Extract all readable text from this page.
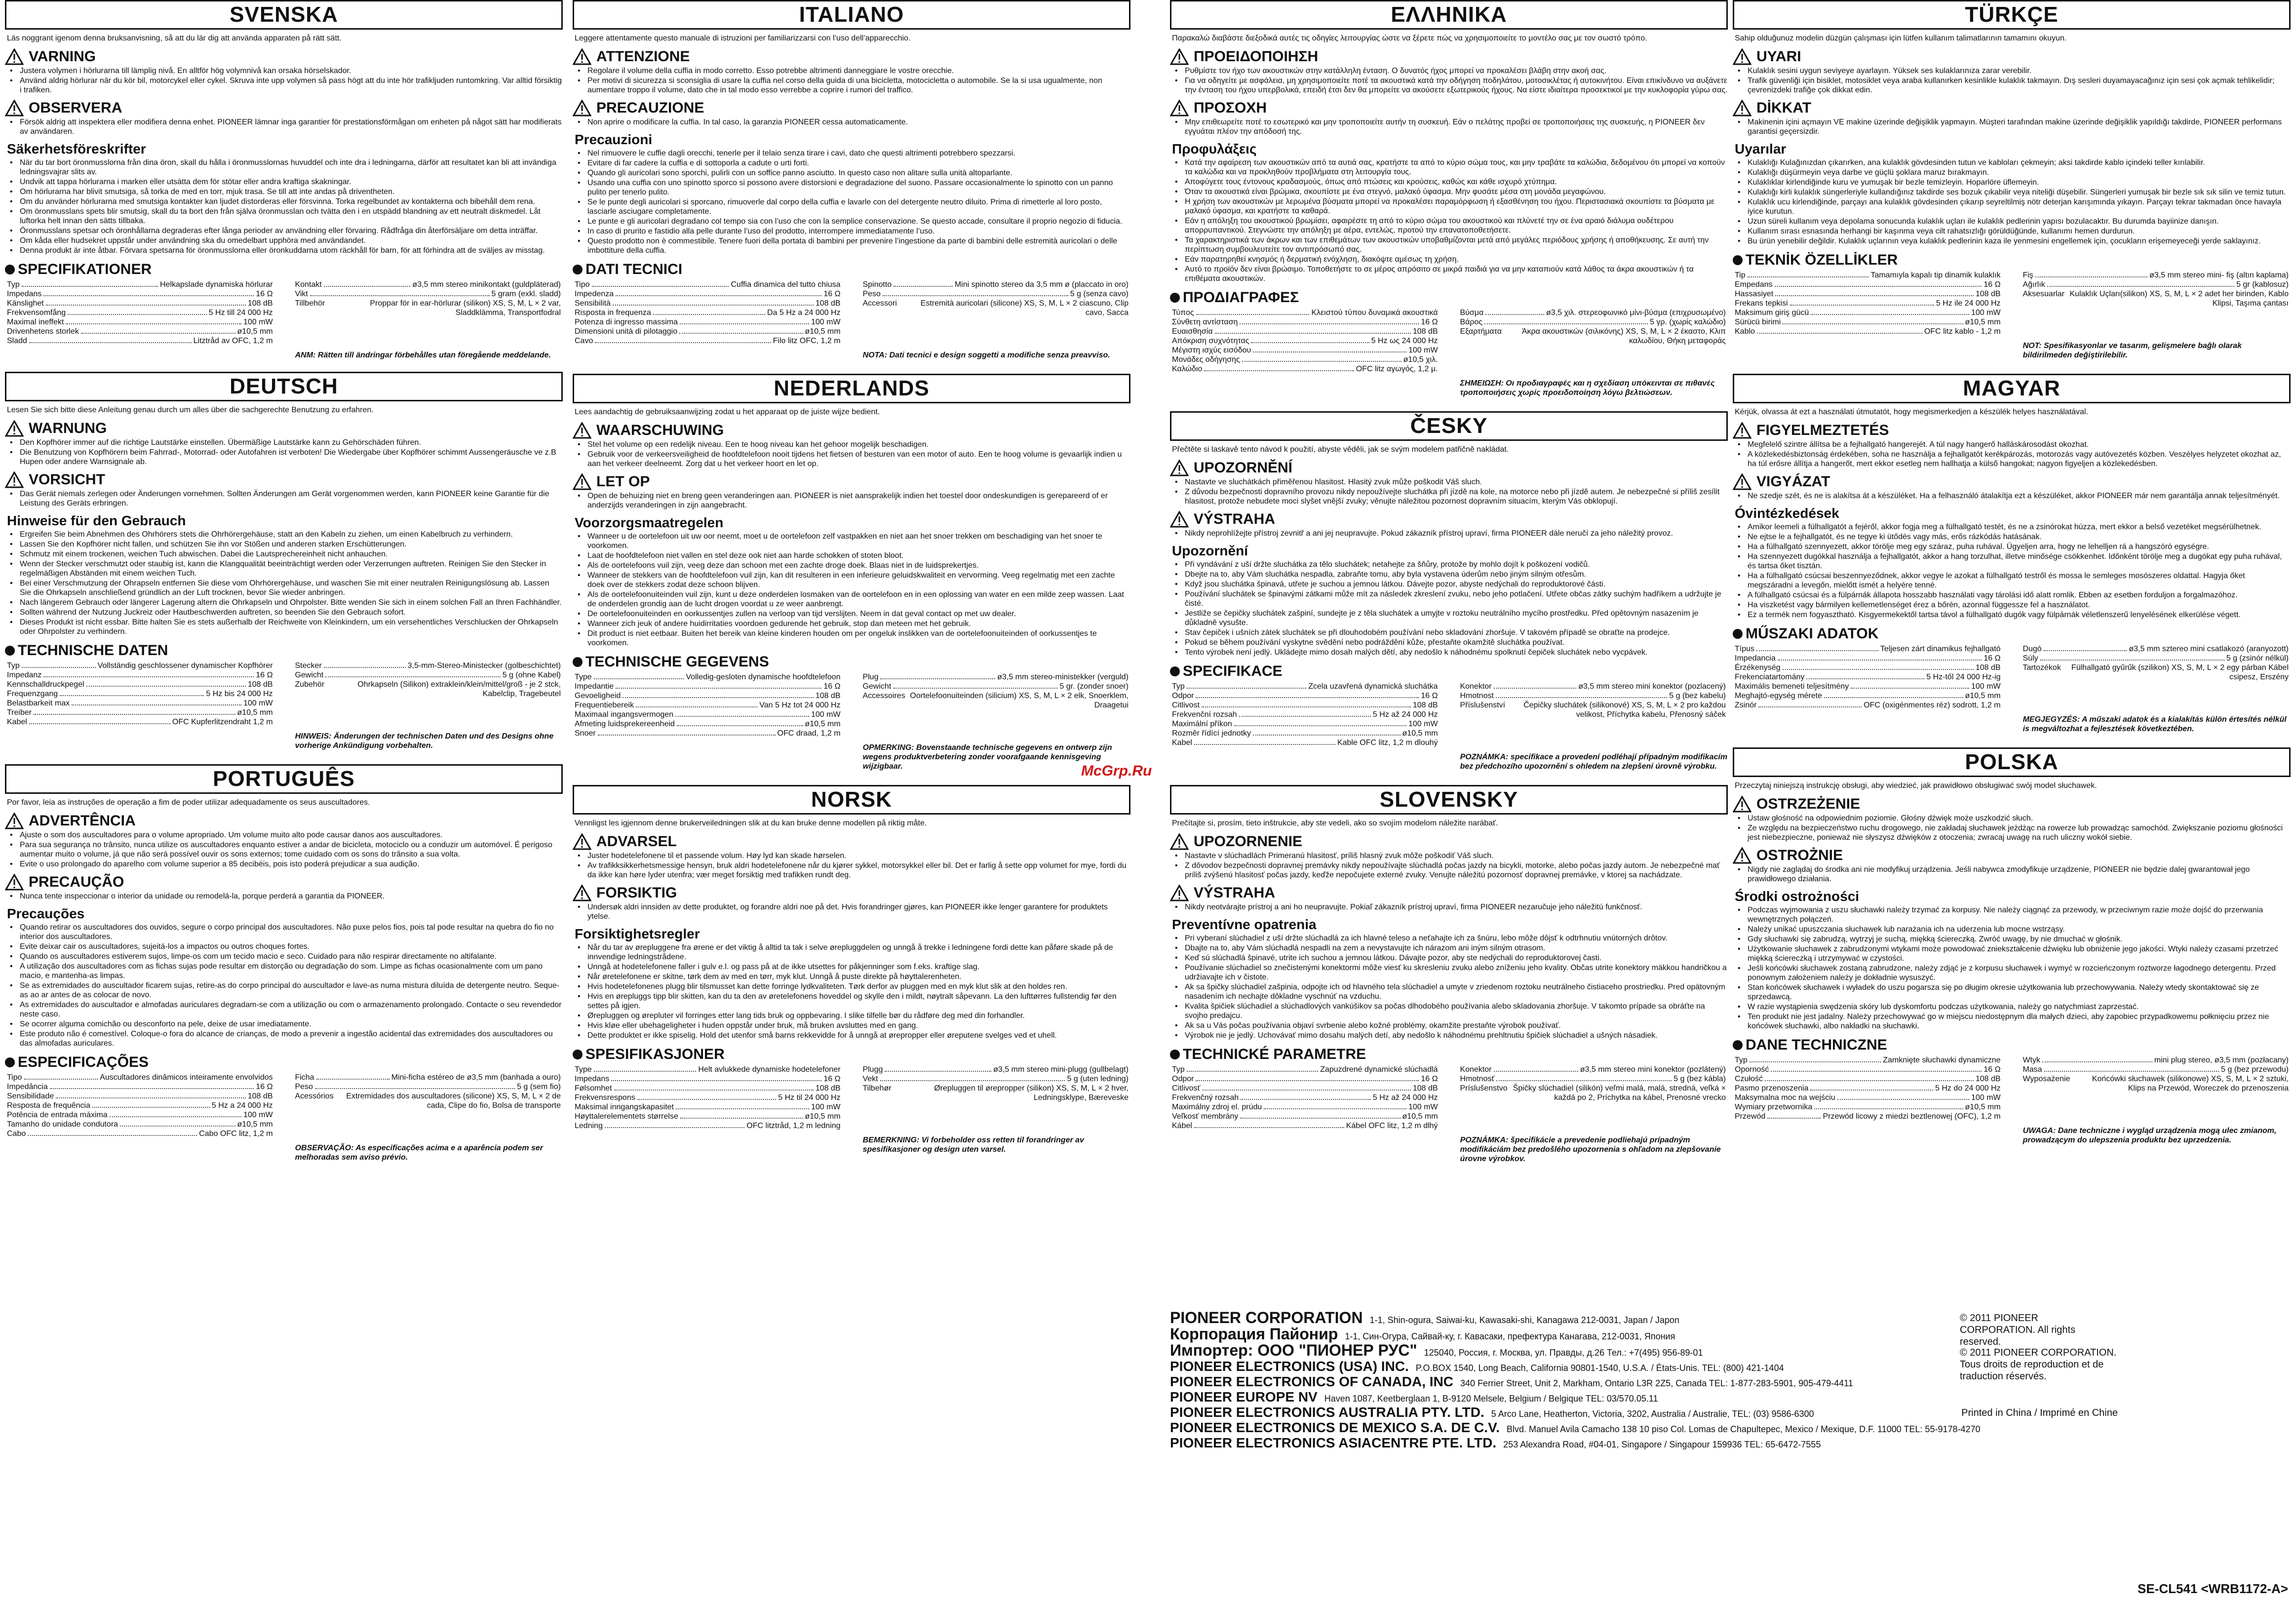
SVENSKA
Läs noggrant igenom denna bruksanvisning, så att du lär dig att använda apparaten på rätt sätt.
VARNING
• Justera volymen i hörlurarna till lämplig nivå. En alltför hög volymnivå kan orsaka hörselskador.
• Använd aldrig hörlurar när du kör bil, motorcykel eller cykel. Skruva inte upp volymen så pass högt att du inte hör trafikljuden runtomkring. Var alltid försiktig i trafiken.
OBSERVERA
• Försök aldrig att inspektera eller modifiera denna enhet. PIONEER lämnar inga garantier för prestationsförmågan om enheten på något sätt har modifierats av användaren.
Säkerhetsföreskrifter
• När du tar bort öronmusslorna från dina öron, skall du hålla i öronmusslornas huvuddel och inte dra i ledningarna, därför att resultatet kan bli att invändiga ledningsvajrar slits av.
• Undvik att tappa hörlurarna i marken eller utsätta dem för stötar eller andra kraftiga skakningar.
• Om hörlurarna har blivit smutsiga, så torka de med en torr, mjuk trasa. Se till att inte andas på driventheten.
• Om du använder hörlurarna med smutsiga kontakter kan ljudet distorderas eller försvinna. Torka regelbundet av kontakterna och bibehåll dem rena.
• Om öronmusslans spets blir smutsig, skall du ta bort den från själva öronmusslan och tvätta den i en utspädd blandning av ett neutralt diskmedel. Låt luftorka helt innan den sätts tillbaka.
• Öronmusslans spetsar och öronhållarna degraderas efter långa perioder av användning eller förvaring. Rådfråga din återförsäljare om detta inträffar.
• Om kåda eller hudsekret uppstår under användning ska du omedelbart upphöra med användandet.
• Denna produkt är inte åtbar. Förvara spetsarna för öronmusslorna eller öronkuddarna utom räckhåll för barn, för att förhindra att de sväljes av misstag.
SPECIFIKATIONER
Typ	Helkapslade dynamiska hörlurar
Impedans	16 Ω
Känslighet	108 dB
Frekvensomfång	5 Hz till 24 000 Hz
Maximal ineffekt	100 mW
Drivenhetens storlek	ø10,5 mm
Sladd	Litztråd av OFC, 1,2 m
Kontakt	ø3,5 mm stereo minikontakt (guldpläterad)
Vikt	5 gram (exkl. sladd)
Tillbehör	Proppar för in ear-hörlurar (silikon) XS, S, M, L × 2 var, Sladdklämma, Transportfodral
ANM: Rätten till ändringar förbehålles utan föregående meddelande.
DEUTSCH
Lesen Sie sich bitte diese Anleitung genau durch um alles über die sachgerechte Benutzung zu erfahren.
WARNUNG
• Den Kopfhörer immer auf die richtige Lautstärke einstellen. Übermäßige Lautstärke kann zu Gehörschäden führen.
• Die Benutzung von Kopfhörern beim Fahrrad-, Motorrad- oder Autofahren ist verboten! Die Wiedergabe über Kopfhörer schimmt Aussengeräusche ve z.B Hupen oder andere Warnsignale ab.
VORSICHT
• Das Gerät niemals zerlegen oder Änderungen vornehmen. Sollten Änderungen am Gerät vorgenommen werden, kann PIONEER keine Garantie für die Leistung des Geräts erbringen.
Hinweise für den Gebrauch
• Ergreifen Sie beim Abnehmen des Ohrhörers stets die Ohrhörergehäuse, statt an den Kabeln zu ziehen, um einen Kabelbruch zu verhindern.
• Lassen Sie den Kopfhörer nicht fallen, und schützen Sie ihn vor Stößen und anderen starken Erschütterungen.
• Schmutz mit einem trockenen, weichen Tuch abwischen. Dabei die Lautsprechereinheit nicht anhauchen.
• Wenn der Stecker verschmutzt oder staubig ist, kann die Klangqualität beeinträchtigt werden oder Verzerrungen auftreten. Reinigen Sie den Stecker in regelmäßigen Abständen mit einem weichen Tuch.
• Bei einer Verschmutzung der Ohrapseln entfernen Sie diese vom Ohrhörergehäuse, und waschen Sie mit einer neutralen Reinigungslösung ab. Lassen Sie die Ohrkapseln anschließend gründlich an der Luft trocknen, bevor Sie wieder anbringen.
• Nach längerem Gebrauch oder längerer Lagerung altern die Ohrkapseln und Ohrpolster. Bitte wenden Sie sich in einem solchen Fall an Ihren Fachhändler.
• Sollten während der Nutzung Juckreiz oder Hautbeschwerden auftreten, so beenden Sie den Gebrauch sofort.
• Dieses Produkt ist nicht essbar. Bitte halten Sie es stets außerhalb der Reichweite von Kleinkindern, um ein versehentliches Verschlucken der Ohrkapseln oder Ohrpolster zu verhindern.
TECHNISCHE DATEN
Typ	Vollständig geschlossener dynamischer Kopfhörer
Impedanz	16 Ω
Kennschalldruckpegel	108 dB
Frequenzgang	5 Hz bis 24 000 Hz
Belastbarkeit max	100 mW
Treiber	ø10,5 mm
Kabel	OFC Kupferlitzendraht 1,2 m
Stecker	3,5-mm-Stereo-Ministecker (golbeschichtet)
Gewicht	5 g (ohne Kabel)
Zubehör	Ohrkapseln (Silikon) extraklein/klein/mittel/groß - je 2 stck, Kabelclip, Tragebeutel
HINWEIS: Änderungen der technischen Daten und des Designs ohne vorherige Ankündigung vorbehalten.
PORTUGUÊS
Por favor, leia as instruções de operação a fim de poder utilizar adequadamente os seus auscultadores.
ADVERTÊNCIA
• Ajuste o som dos auscultadores para o volume apropriado. Um volume muito alto pode causar danos aos auscultadores.
• Para sua segurança no trânsito, nunca utilize os auscultadores enquanto estiver a andar de bicicleta, motociclo ou a conduzir um automóvel. É perigoso aumentar muito o volume, já que não será possível ouvir os sons externos; tome cuidado com os sons do trânsito a sua volta.
• Evite o uso prolongado do aparelho com volume superior a 85 decibéis, pois isto poderá prejudicar a sua audição.
PRECAUÇÃO
• Nunca tente inspeccionar o interior da unidade ou remodelá-la, porque perderá a garantia da PIONEER.
Precauções
• Quando retirar os auscultadores dos ouvidos, segure o corpo principal dos auscultadores. Não puxe pelos fios, pois tal pode resultar na quebra do fio no interior dos auscultadores.
• Evite deixar cair os auscultadores, sujeitá-los a impactos ou outros choques fortes.
• Quando os auscultadores estiverem sujos, limpe-os com um tecido macio e seco. Cuidado para não respirar directamente no altifalante.
• A utilização dos auscultadores com as fichas sujas pode resultar em distorção ou degradação do som. Limpe as fichas ocasionalmente com um pano macio, e mantenha-as limpas.
• Se as extremidades do auscultador ficarem sujas, retire-as do corpo principal do auscultador e lave-as numa mistura diluída de detergente neutro. Seque-as ao ar antes de as colocar de novo.
• As extremidades do auscultador e almofadas auriculares degradam-se com a utilização ou com o armazenamento prolongado. Contacte o seu revendedor neste caso.
• Se ocorrer alguma comichão ou desconforto na pele, deixe de usar imediatamente.
• Este produto não é comestível. Coloque-o fora do alcance de crianças, de modo a prevenir a ingestão acidental das extremidades dos auscultadores ou das almofadas auriculares.
ESPECIFICAÇÕES
Tipo	Auscultadores dinâmicos inteiramente envolvidos
Impedância	16 Ω
Sensibilidade	108 dB
Resposta de frequência	5 Hz a 24 000 Hz
Potência de entrada máxima	100 mW
Tamanho do unidade condutora	ø10,5 mm
Cabo	Cabo OFC litz, 1,2 m
Ficha	Mini-ficha estéreo de ø3,5 mm (banhada a ouro)
Peso	5 g (sem fio)
Acessórios	Extremidades dos auscultadores (silicone) XS, S, M, L × 2 de cada, Clipe do fio, Bolsa de transporte
OBSERVAÇÃO: As especificações acima e a aparência podem ser melhoradas sem aviso prévio.
ITALIANO
Leggere attentamente questo manuale di istruzioni per familiarizzarsi con l’uso dell’apparecchio.
ATTENZIONE
• Regolare il volume della cuffia in modo corretto. Esso potrebbe altrimenti danneggiare le vostre orecchie.
• Per motivi di sicurezza si sconsiglia di usare la cuffia nel corso della guida di una bicicletta, motocicletta o automobile. Se la si usa ugualmente, non aumentare troppo il volume, dato che in tal modo esso verrebbe a coprire i rumori del traffico.
PRECAUZIONE
• Non aprire o modificare la cuffia. In tal caso, la garanzia PIONEER cessa automaticamente.
Precauzioni
• Nel rimuovere le cuffie dagli orecchi, tenerle per il telaio senza tirare i cavi, dato che questi altrimenti potrebbero spezzarsi.
• Evitare di far cadere la cuffia e di sottoporla a cadute o urti forti.
• Quando gli auricolari sono sporchi, pulirli con un soffice panno asciutto. In questo caso non alitare sulla unità altoparlante.
• Usando una cuffia con uno spinotto sporco si possono avere distorsioni e degradazione del suono. Passare occasionalmente lo spinotto con un panno pulito per tenerlo pulito.
• Se le punte degli auricolari si sporcano, rimuoverle dal corpo della cuffia e lavarle con del detergente neutro diluito. Prima di rimetterle al loro posto, lasciarle asciugare completamente.
• Le punte e gli auricolari degradano col tempo sia con l’uso che con la semplice conservazione. Se questo accade, consultare il proprio negozio di fiducia.
• In caso di prurito e fastidio alla pelle durante l’uso del prodotto, interrompere immediatamente l’uso.
• Questo prodotto non è commestibile. Tenere fuori della portata di bambini per prevenire l’ingestione da parte di bambini delle estremità auricolari o delle imbottiture della cuffia.
DATI TECNICI
Tipo	Cuffia dinamica del tutto chiusa
Impedenza	16 Ω
Sensibilità	108 dB
Risposta in frequenza	Da 5 Hz a 24 000 Hz
Potenza di ingresso massima	100 mW
Dimensioni unità di pilotaggio	ø10,5 mm
Cavo	Filo litz OFC, 1,2 m
Spinotto	Mini spinotto stereo da 3,5 mm ø (placcato in oro)
Peso	5 g (senza cavo)
Accessori	Estremità auricolari (silicone) XS, S, M, L × 2 ciascuno, Clip cavo, Sacca
NOTA: Dati tecnici e design soggetti a modifiche senza preavviso.
NEDERLANDS
Lees aandachtig de gebruiksaanwijzing zodat u het apparaat op de juiste wijze bedient.
WAARSCHUWING
• Stel het volume op een redelijk niveau. Een te hoog niveau kan het gehoor mogelijk beschadigen.
• Gebruik voor de verkeersveiligheid de hoofdtelefoon nooit tijdens het fietsen of besturen van een motor of auto. Een te hoog volume is gevaarlijk indien u aan het verkeer deelneemt. Zorg dat u het verkeer hoort en let op.
LET OP
• Open de behuizing niet en breng geen veranderingen aan. PIONEER is niet aansprakelijk indien het toestel door ondeskundigen is gerepareerd of er anderzijds veranderingen in zijn aangebracht.
Voorzorgsmaatregelen
• Wanneer u de oortelefoon uit uw oor neemt, moet u de oortelefoon zelf vastpakken en niet aan het snoer trekken om beschadiging van het snoer te voorkomen.
• Laat de hoofdtelefoon niet vallen en stel deze ook niet aan harde schokken of stoten bloot.
• Als de oortelefoons vuil zijn, veeg deze dan schoon met een zachte droge doek. Blaas niet in de luidsprekertjes.
• Wanneer de stekkers van de hoofdtelefoon vuil zijn, kan dit resulteren in een inferieure geluidskwaliteit en vervorming. Veeg regelmatig met een zachte doek over de stekkers zodat deze schoon blijven.
• Als de oortelefoonuiteinden vuil zijn, kunt u deze onderdelen losmaken van de oortelefoon en in een oplossing van water en een milde zeep wassen. Laat de onderdelen grondig aan de lucht drogen voordat u ze weer aanbrengt.
• De oortelefoonuiteinden en oorkussentjes zullen na verloop van tijd verslijten. Neem in dat geval contact op met uw dealer.
• Wanneer zich jeuk of andere huidirritaties voordoen gedurende het gebruik, stop dan meteen met het gebruik.
• Dit product is niet eetbaar. Buiten het bereik van kleine kinderen houden om per ongeluk inslikken van de oortelefoonuiteinden of oorkussentjes te voorkomen.
TECHNISCHE GEGEVENS
Type	Volledig-gesloten dynamische hoofdtelefoon
Impedantie	16 Ω
Gevoeligheid	108 dB
Frequentiebereik	Van 5 Hz tot 24 000 Hz
Maximaal ingangsvermogen	100 mW
Afmeting luidsprekereenheid	ø10,5 mm
Snoer	OFC draad, 1,2 m
Plug	ø3,5 mm stereo-ministekker (verguld)
Gewicht	5 gr. (zonder snoer)
Accessoires Oortelefoonuiteinden (silicium) XS, S, M, L × 2 elk, Snoerklem, Draagetui
OPMERKING: Bovenstaande technische gegevens en ontwerp zijn wegens produktverbetering zonder voorafgaande kennisgeving wijzigbaar.
NORSK
Vennligst les igjennom denne brukerveiledningen slik at du kan bruke denne modellen på riktig måte.
ADVARSEL
• Juster hodetelefonene til et passende volum. Høy lyd kan skade hørselen.
• Av trafikksikkerhetsmessige hensyn, bruk aldri hodetelefonene når du kjører sykkel, motorsykkel eller bil. Det er farlig å sette opp volumet for mye, fordi du da ikke kan høre lyder utenfra; vær meget forsiktig med trafikken rundt deg.
FORSIKTIG
• Undersøk aldri innsiden av dette produktet, og forandre aldri noe på det. Hvis forandringer gjøres, kan PIONEER ikke lenger garantere for produktets ytelse.
Forsiktighetsregler
• Når du tar av ørepluggene fra ørene er det viktig å alltid ta tak i selve ørepluggdelen og unngå å trekke i ledningene fordi dette kan påføre skade på de innvendige ledningstrådene.
• Unngå at hodetelefonene faller i gulv e.l. og pass på at de ikke utsettes for påkjenninger som f.eks. kraftige slag.
• Når øretelefonene er skitne, tørk dem av med en tørr, myk klut. Unngå å puste direkte på høyttalerenheten.
• Hvis hodetelefonenes plugg blir tilsmusset kan dette forringe lydkvaliteten. Tørk derfor av pluggen med en myk klut slik at den holdes ren.
• Hvis en ørepluggs tipp blir skitten, kan du ta den av øretelefonens hoveddel og skylle den i mildt, nøytralt såpevann. La den lufttørres fullstendig før den settes på igjen.
• Ørepluggen og ørepluter vil forringes etter lang tids bruk og oppbevaring. I slike tilfelle bør du rådføre deg med din forhandler.
• Hvis kløe eller ubehageligheter i huden oppstår under bruk, må bruken avsluttes med en gang.
• Dette produktet er ikke spiselig. Hold det utenfor små barns rekkevidde for å unngå at ørepropper eller øreputene svelges ved et uhell.
SPESIFIKASJONER
Type	Helt avlukkede dynamiske hodetelefoner
Impedans	16 Ω
Følsomhet	108 dB
Frekvensrespons	5 Hz til 24 000 Hz
Maksimal inngangskapasitet	100 mW
Høyttalerelementets størrelse	ø10,5 mm
Ledning	OFC litztråd, 1,2 m ledning
Plugg	ø3,5 mm stereo mini-plugg (gullbelagt)
Vekt	5 g (uten ledning)
Tilbehør	Ørepluggen til ørepropper (silikon) XS, S, M, L × 2 hver, Ledningsklype, Bæreveske
BEMERKNING: Vi forbeholder oss retten til forandringer av spesifikasjoner og design uten varsel.
ΕΛΛΗΝΙΚΑ
Παρακαλώ διαβάστε διεξοδικά αυτές τις οδηγίες λειτουργίας ώστε να ξέρετε πώς να χρησιμοποιείτε το μοντέλο σας με τον σωστό τρόπο.
ΠΡΟΕΙΔΟΠΟΙΗΣΗ
• Ρυθμίστε τον ήχο των ακουστικών στην κατάλληλη ένταση. Ο δυνατός ήχος μπορεί να προκαλέσει βλάβη στην ακοή σας.
• Για να οδηγείτε με ασφάλεια, μη χρησιμοποιείτε ποτέ τα ακουστικά κατά την οδήγηση ποδηλάτου, μοτοσικλέτας ή αυτοκινήτου. Είναι επικίνδυνο να αυξάνετε την ένταση του ήχου υπερβολικά, επειδή έτσι δεν θα μπορείτε να ακούσετε εξωτερικούς ήχους. Να είστε ιδιαίτερα προσεκτικοί με την κυκλοφορία γύρω σας.
ΠΡΟΣΟΧΗ
• Μην επιθεωρείτε ποτέ το εσωτερικό και μην τροποποιείτε αυτήν τη συσκευή. Εάν ο πελάτης προβεί σε τροποποιήσεις της συσκευής, η PIONEER δεν εγγυάται πλέον την απόδοσή της.
Προφυλάξεις
• Κατά την αφαίρεση των ακουστικών από τα αυτιά σας, κρατήστε τα από το κύριο σώμα τους, και μην τραβάτε τα καλώδια, δεδομένου ότι μπορεί να κοπούν τα καλώδια και να προκληθούν προβλήματα στη λειτουργία τους.
• Αποφύγετε τους έντονους κραδασμούς, όπως από πτώσεις και κρούσεις, καθώς και κάθε ισχυρό χτύπημα.
• Όταν τα ακουστικά είναι βρώμικα, σκουπίστε με ένα στεγνό, μαλακό ύφασμα. Μην φυσάτε μέσα στη μονάδα μεγαφώνου.
• Η χρήση των ακουστικών με λερωμένα βύσματα μπορεί να προκαλέσει παραμόρφωση ή εξασθένηση του ήχου. Περιστασιακά σκουπίστε τα βύσματα με μαλακό ύφασμα, και κρατήστε τα καθαρά.
• Εάν η απόληξη του ακουστικού βρωμίσει, αφαιρέστε τη από το κύριο σώμα του ακουστικού και πλύνετέ την σε ένα αραιό διάλυμα ουδέτερου απορρυπαντικού. Στεγνώστε την απόληξη με αέρα, εντελώς, προτού την επανατοποθετήσετε.
• Τα χαρακτηριστικά των άκρων και των επιθεμάτων των ακουστικών υποβαθμίζονται μετά από μεγάλες περιόδους χρήσης ή αποθήκευσης. Σε αυτή την περίπτωση συμβουλευτείτε τον αντιπρόσωπό σας.
• Εάν παρατηρηθεί κνησμός ή δερματική ενόχληση, διακόψτε αμέσως τη χρήση.
• Αυτό το προϊόν δεν είναι βρώσιμο. Τοποθετήστε το σε μέρος απρόσιτο σε μικρά παιδιά για να μην καταπιούν κατά λάθος τα άκρα ακουστικών ή τα επιθέματα ακουστικών.
ΠΡΟΔΙΑΓΡΑΦΕΣ
Τύπος	Κλειστού τύπου δυναμικά ακουστικά
Σύνθετη αντίσταση	16 Ω
Ευαισθησία	108 dB
Απόκριση συχνότητας	5 Hz ως 24 000 Hz
Μέγιστη ισχύς εισόδου	100 mW
Μονάδες οδήγησης	ø10,5 χιλ.
Καλώδιο	OFC litz αγωγός, 1,2 μ.
Βύσμα	ø3,5 χιλ. στερεοφωνικό μίνι-βύσμα (επιχρυσωμένο)
Βάρος	5 γρ. (χωρίς καλώδιο)
Εξαρτήματα	Άκρα ακουστικών (σιλικόνης) XS, S, M, L × 2 έκαστο, Κλιπ καλωδίου, Θήκη μεταφοράς
ΣΗΜΕΙΩΣΗ: Οι προδιαγραφές και η σχεδίαση υπόκεινται σε πιθανές τροποποιήσεις χωρίς προειδοποίηση λόγω βελτιώσεων.
ČESKY
Přečtěte si laskavě tento návod k použití, abyste věděli, jak se svým modelem patřičně nakládat.
UPOZORNĚNÍ
• Nastavte ve sluchátkách přiměřenou hlasitost. Hlasitý zvuk může poškodit Váš sluch.
• Z důvodu bezpečnosti dopravního provozu nikdy nepoužívejte sluchátka při jízdě na kole, na motorce nebo při jízdě autem. Je nebezpečné si příliš zesílit hlasitost, protože nebudete moci slyšet vnější zvuky; věnujte náležitou pozornost dopravním situacím, kterým Vás obklopují.
VÝSTRAHA
• Nikdy neprohlížejte přístroj zevnitř a ani jej neupravujte. Pokud zákazník přístroj upraví, firma PIONEER dále neručí za jeho náležitý provoz.
Upozornění
• Při vyndávání z uší držte sluchátka za tělo sluchátek; netahejte za šňůry, protože by mohlo dojít k poškození vodičů.
• Dbejte na to, aby Vám sluchátka nespadla, zabraňte tomu, aby byla vystavena úderům nebo jiným silným otřesům.
• Když jsou sluchátka špinavá, utřete je suchou a jemnou látkou. Dávejte pozor, abyste nedýchali do reproduktorové části.
• Používání sluchátek se špinavými zátkami může mít za následek zkreslení zvuku, nebo jeho potlačení. Utřete občas zátky suchým hadříkem a udržujte je čisté.
• Jestliže se čepičky sluchátek zašpiní, sundejte je z těla sluchátek a umyjte v roztoku neutrálního mycího prostředku. Před opětovným nasazením je důkladně vysušte.
• Stav čepiček i ušních zátek sluchátek se při dlouhodobém používání nebo skladování zhoršuje. V takovém případě se obraťte na prodejce.
• Pokud se během používání vyskytne svědění nebo podráždění kůže, přestaňte okamžitě sluchátka používat.
• Tento výrobek není jedlý. Ukládejte mimo dosah malých dětí, aby nedošlo k náhodnému spolknutí čepiček sluchátek nebo vycpávek.
SPECIFIKACE
Typ	Zcela uzavřená dynamická sluchátka
Odpor	16 Ω
Citlivost	108 dB
Frekvenční rozsah	5 Hz až 24 000 Hz
Maximální příkon	100 mW
Rozměr řídící jednotky	ø10,5 mm
Kabel	Kable OFC litz, 1,2 m dlouhý
Konektor	ø3,5 mm stereo mini konektor (pozlacený)
Hmotnost	5 g (bez kabelu)
Příslušenství	Čepičky sluchátek (silikonové) XS, S, M, L × 2 pro každou velikost, Příchytka kabelu, Přenosný sáček
POZNÁMKA: specifikace a provedení podléhají případným modifikacím bez předchozího upozornění s ohledem na zlepšení úrovně výrobku.
SLOVENSKY
Prečítajte si, prosím, tieto inštrukcie, aby ste vedeli, ako so svojím modelom náležite narábať.
UPOZORNENIE
• Nastavte v slúchadlách Primeranú hlasitosť, príliš hlasný zvuk môže poškodiť Váš sluch.
• Z dôvodov bezpečnosti dopravnej premávky nikdy nepoužívajte slúchadlá počas jazdy na bicykli, motorke, alebo počas jazdy autom. Je nebezpečné mať príliš zvýšenú hlasitosť počas jazdy, keďže nepočujete externé zvuky. Venujte náležitú pozornosť dopravnej premávke, v ktorej sa nachádzate.
VÝSTRAHA
• Nikdy neotvárajte prístroj a ani ho neupravujte. Pokiaľ zákazník prístroj upraví, firma PIONEER nezaručuje jeho náležitú funkčnosť.
Preventívne opatrenia
• Pri vyberaní slúchadiel z uší držte slúchadlá za ich hlavné teleso a neťahajte ich za šnúru, lebo môže dôjsť k odtrhnutiu vnútorných drôtov.
• Dbajte na to, aby Vám slúchadlá nespadli na zem a nevystavujte ich nárazom ani iným silným otrasom.
• Keď sú slúchadlá špinavé, utrite ich suchou a jemnou látkou. Dávajte pozor, aby ste nedýchali do reproduktorovej časti.
• Používanie slúchadiel so znečistenými konektormi môže viesť ku skresleniu zvuku alebo zníženiu jeho kvality. Občas utrite konektory mäkkou handričkou a udržiavajte ich v čistote.
• Ak sa špičky slúchadiel zašpinia, odpojte ich od hlavného tela slúchadiel a umyte v zriedenom roztoku neutrálneho čistiaceho prostriedku. Pred opätovným nasadením ich nechajte dôkladne vyschnúť na vzduchu.
• Kvalita špičiek slúchadiel a slúchadlových vankúšikov sa počas dlhodobého používania alebo skladovania zhoršuje. V takomto prípade sa obráťte na svojho predajcu.
• Ak sa u Vás počas používania objaví svrbenie alebo kožné problémy, okamžite prestaňte výrobok používať.
• Výrobok nie je jedlý. Uchovávať mimo dosahu malých detí, aby nedošlo k náhodnému prehltnutiu špičiek slúchadiel a ušných násadiek.
TECHNICKÉ PARAMETRE
Typ	Zapuzdrené dynamické slúchadlá
Odpor	16 Ω
Citlivosť	108 dB
Frekvenčný rozsah	5 Hz až 24 000 Hz
Maximálny zdroj el. prúdu	100 mW
Veľkosť membrány	ø10,5 mm
Kábel	Kábel OFC litz, 1,2 m dlhý
Konektor	ø3,5 mm stereo mini konektor (pozlátený)
Hmotnosť	5 g (bez kábla)
Príslušenstvo Špičky slúchadiel (silikón) veľmi malá, malá, stredná, veľká × každá po 2, Príchytka na kábel, Prenosné vrecko
POZNÁMKA: špecifikácie a prevedenie podliehajú prípadným modifikáciám bez predošlého upozornenia s ohľadom na zlepšovanie úrovne výrobkov.
TÜRKÇE
Sahip olduğunuz modelin düzgün çalışması için lütfen kullanım talimatlarının tamamını okuyun.
UYARI
• Kulaklık sesini uygun seviyeye ayarlayın. Yüksek ses kulaklarınıza zarar verebilir.
• Trafik güvenliği için bisiklet, motosiklet veya araba kullanırken kesinlikle kulaklık takmayın. Dış sesleri duyamayacağınız için sesi çok açmak tehlikelidir; çevrenizdeki trafiğe çok dikkat edin.
DİKKAT
• Makinenin içini açmayın VE makine üzerinde değişiklik yapmayın. Müşteri tarafından makine üzerinde değişiklik yapıldığı takdirde, PIONEER performans garantisi geçersizdir.
Uyarılar
• Kulaklığı Kulağınızdan çıkarırken, ana kulaklık gövdesinden tutun ve kabloları çekmeyin; aksi takdirde kablo içindeki teller kırılabilir.
• Kulaklığı düşürmeyin veya darbe ve güçlü şoklara maruz bırakmayın.
• Kulaklıklar kirlendiğinde kuru ve yumuşak bir bezle temizleyin. Hoparlöre üflemeyin.
• Kulaklığı kirli kulaklık süngerleriyle kullandığınız takdirde ses bozuk çıkabilir veya niteliği düşebilir. Süngerleri yumuşak bir bezle sık sık silin ve temiz tutun.
• Kulaklık ucu kirlendiğinde, parçayı ana kulaklık gövdesinden çıkarıp seyreltilmiş nötr deterjan karışımında yıkayın. Parçayı tekrar takmadan önce havayla iyice kurutun.
• Uzun süreli kullanım veya depolama sonucunda kulaklık uçları ile kulaklık pedlerinin yapısı bozulacaktır. Bu durumda bayiinize danışın.
• Kullanım sırası esnasında herhangi bir kaşınma veya cilt rahatsızlığı görüldüğünde, kullanımı hemen durdurun.
• Bu ürün yenebilir değildir. Kulaklık uçlarının veya kulaklık pedlerinin kaza ile yenmesini engellemek için, çocukların erişemeyeceği yerde saklayınız.
TEKNİK ÖZELLİKLER
Tip	Tamamıyla kapalı tip dinamik kulaklık
Empedans	16 Ω
Hassasiyet	108 dB
Frekans tepkisi	5 Hz ile 24 000 Hz
Maksimum giriş gücü	100 mW
Sürücü birimi	ø10,5 mm
Kablo	OFC litz kablo - 1,2 m
Fiş	ø3,5 mm stereo mini- fiş (altın kaplama)
Ağırlık	5 gr (kablosuz)
Aksesuarlar Kulaklık Uçları(silikon) XS, S, M, L × 2 adet her birinden, Kablo Klipsi, Taşıma çantası
NOT: Spesifikasyonlar ve tasarım, gelişmelere bağlı olarak bildirilmeden değiştirilebilir.
MAGYAR
Kérjük, olvassa át ezt a használati útmutatót, hogy megismerkedjen a készülék helyes használatával.
FIGYELMEZTETÉS
• Megfelelő szintre állítsa be a fejhallgató hangerejét. A túl nagy hangerő halláskárosodást okozhat.
• A közlekedésbiztonság érdekében, soha ne használja a fejhallgatót kerékpározás, motorozás vagy autóvezetés közben. Veszélyes helyzetet okozhat az, ha túl erősre állítja a hangerőt, mert ekkor esetleg nem hallhatja a külső hangokat; nagyon figyeljen a közlekedésben.
VIGYÁZAT
• Ne szedje szét, és ne is alakítsa át a készüléket. Ha a felhasználó átalakítja ezt a készüléket, akkor PIONEER már nem garantálja annak teljesítményét.
Óvintézkedések
• Amikor leemeli a fülhallgatót a fejéről, akkor fogja meg a fülhallgató testét, és ne a zsinórokat húzza, mert ekkor a belső vezetéket megsérülhetnek.
• Ne ejtse le a fejhallgatót, és ne tegye ki ütődés vagy más, erős rázkódás hatásának.
• Ha a fülhallgató szennyezett, akkor törölje meg egy száraz, puha ruhával. Ügyeljen arra, hogy ne lehelljen rá a hangszóró egységre.
• Ha szennyezett dugókkal használja a fejhallgatót, akkor a hang torzulhat, illetve minősége csökkenhet. Időnként törölje meg a dugókat egy puha ruhával, és tartsa őket tisztán.
• Ha a fülhallgató csúcsai beszennyeződnek, akkor vegye le azokat a fülhallgató testről és mossa le semleges mosószeres oldattal. Hagyja őket megszáradni a levegőn, mielőtt ismét a helyére tenné.
• A fülhallgató csúcsai és a fülpárnák állapota hosszabb használati vagy tárolási idő alatt romlik. Ebben az esetben forduljon a forgalmazóhoz.
• Ha viszketést vagy bármilyen kellemetlenséget érez a bőrén, azonnal függessze fel a használatot.
• Ez a termék nem fogyasztható. Kisgyermekektől tartsa távol a fülhallgató dugók vagy fülpárnák véletlenszerű lenyelésének elkerülése végett.
MŰSZAKI ADATOK
Típus	Teljesen zárt dinamikus fejhallgató
Impedancia	16 Ω
Érzékenység	108 dB
Frekenciatartomány	5 Hz-től 24 000 Hz-ig
Maximális bemeneti teljesítmény	100 mW
Meghajtó-egység mérete	ø10,5 mm
Zsinór	OFC (oxigénmentes réz) sodrott, 1,2 m
Dugó	ø3,5 mm sztereo mini csatlakozó (aranyozott)
Súly	5 g (zsinór nélkül)
Tartozékok	Fülhallgató gyűrűk (szilikon) XS, S, M, L × 2 egy párban Kábel csipesz, Erszény
MEGJEGYZÉS: A műszaki adatok és a kialakítás külön értesítés nélkül is megváltozhat a fejlesztések következtében.
POLSKA
Przeczytaj niniejszą instrukcję obsługi, aby wiedzieć, jak prawidłowo obsługiwać swój model słuchawek.
OSTRZEŻENIE
• Ustaw głośność na odpowiednim poziomie. Głośny dźwięk może uszkodzić słuch.
• Ze względu na bezpieczeństwo ruchu drogowego, nie zakładaj słuchawek jeżdżąc na rowerze lub prowadząc samochód. Zwiększanie poziomu głośności jest niebezpieczne, ponieważ nie słyszysz dźwięków z otoczenia; zwracaj uwagę na ruch uliczny wokół siebie.
OSTROŻNIE
• Nigdy nie zaglądaj do środka ani nie modyfikuj urządzenia. Jeśli nabywca zmodyfikuje urządzenie, PIONEER nie będzie dalej gwarantował jego prawidłowego działania.
Środki ostrożności
• Podczas wyjmowania z uszu słuchawki należy trzymać za korpusy. Nie należy ciągnąć za przewody, w przeciwnym razie może dojść do przerwania wewnętrznych połączeń.
• Należy unikać upuszczania słuchawek lub narażania ich na uderzenia lub mocne wstrząsy.
• Gdy słuchawki się zabrudzą, wytrzyj je suchą, miękką ściereczką. Zwróć uwagę, by nie dmuchać w głośnik.
• Użytkowanie słuchawek z zabrudzonymi wtykami może powodować zniekształcenie dźwięku lub obniżenie jego jakości. Wtyki należy czasami przetrzeć miękką ściereczką i utrzymywać w czystości.
• Jeśli końcówki słuchawek zostaną zabrudzone, należy zdjąć je z korpusu słuchawek i wymyć w rozcieńczonym roztworze łagodnego detergentu. Przed ponownym założeniem należy je dokładnie wysuszyć.
• Stan końcówek słuchawek i wyładek do uszu pogarsza się po długim okresie użytkowania lub przechowywania. Należy wtedy skontaktować się ze sprzedawcą.
• W razie wystąpienia swędzenia skóry lub dyskomfortu podczas użytkowania, należy go natychmiast zaprzestać.
• Ten produkt nie jest jadalny. Należy przechowywać go w miejscu niedostępnym dla małych dzieci, aby zapobiec przypadkowemu połknięciu przez nie końcówek słuchawki, albo nakładki na słuchawki.
DANE TECHNICZNE
Typ	Zamknięte słuchawki dynamiczne
Oporność	16 Ω
Czułość	108 dB
Pasmo przenoszenia	5 Hz do 24 000 Hz
Maksymalna moc na wejściu	100 mW
Wymiary przetwornika	ø10,5 mm
Przewód	Przewód licowy z miedzi beztlenowej (OFC), 1,2 m
Wtyk	mini plug stereo, ø3,5 mm (pozłacany)
Masa	5 g (bez przewodu)
Wyposażenie	Końcówki słuchawek (silikonowe) XS, S, M, L × 2 sztuki, Klips na Przewód, Woreczek do przenoszenia
UWAGA: Dane techniczne i wygląd urządzenia mogą ulec zmianom, prowadzącym do ulepszenia produktu bez uprzedzenia.
McGrp.Ru
PIONEER CORPORATION 1-1, Shin-ogura, Saiwai-ku, Kawasaki-shi, Kanagawa 212-0031, Japan / Japon
Корпорация Пайонир 1-1, Син-Огура, Сайвай-ку, г. Кавасаки, префектура Канагава, 212-0031, Япония
Импортер: ООО "ПИОНЕР РУС" 125040, Россия, г. Москва, ул. Правды, д.26 Тел.: +7(495) 956-89-01
PIONEER ELECTRONICS (USA) INC. P.O.BOX 1540, Long Beach, California 90801-1540, U.S.A. / États-Unis. TEL: (800) 421-1404
PIONEER ELECTRONICS OF CANADA, INC 340 Ferrier Street, Unit 2, Markham, Ontario L3R 2Z5, Canada TEL: 1-877-283-5901, 905-479-4411
PIONEER EUROPE NV Haven 1087, Keetberglaan 1, B-9120 Melsele, Belgium / Belgique TEL: 03/570.05.11
PIONEER ELECTRONICS AUSTRALIA PTY. LTD. 5 Arco Lane, Heatherton, Victoria, 3202, Australia / Australie, TEL: (03) 9586-6300
PIONEER ELECTRONICS DE MEXICO S.A. DE C.V. Blvd. Manuel Avila Camacho 138 10 piso Col. Lomas de Chapultepec, Mexico / Mexique, D.F. 11000 TEL: 55-9178-4270
PIONEER ELECTRONICS ASIACENTRE PTE. LTD. 253 Alexandra Road, #04-01, Singapore / Singapour 159936 TEL: 65-6472-7555
© 2011 PIONEER CORPORATION. All rights reserved.
© 2011 PIONEER CORPORATION. Tous droits de reproduction et de traduction réservés.
Printed in China / Imprimé en Chine
SE-CL541 <WRB1172-A>
